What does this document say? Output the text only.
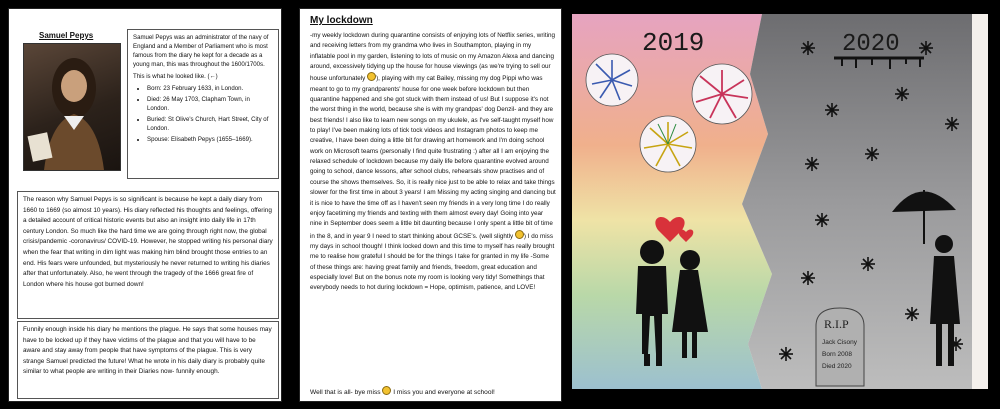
Samuel Pepys	Samuel Pepys was an administrator of the navy of England and a Member of Parliament who is most famous from the diary he kept for a decade as a young man, this was throughout the 1600/1700s.

This is what he looked like. (←)

• Born: 23 February 1633, in London.
• Died: 26 May 1703, Clapham Town, in London.
• Buried: St Olive's Church, Hart Street, City of London.
• Spouse: Elisabeth Pepys (1655–1669).
The reason why Samuel Pepys is so significant is because he kept a daily diary from 1660 to 1669 (so almost 10 years). His diary reflected his thoughts and feelings, offering a detailed account of critical historic events but also an insight into daily life in 17th century London. So much like the hard time we are going through right now, the global crisis/pandemic -coronavirus/ COVID-19. However, he stopped writing his personal diary when the fear that writing in dim light was making him blind brought those entries to an end. His fears were unfounded, but mysteriously he never returned to writing his diaries after that unfortunately. Also, he went through the tragedy of the 1666 great fire of London where his house got burned down!
Funnily enough inside his diary he mentions the plague. He says that some houses may have to be locked up if they have victims of the plague and that you will have to be aware and stay away from people that have symptoms of the plague. This is very strange Samuel predicted the future! What he wrote in his daily diary is probably quite similar to what people are writing in their Diaries now- funnily enough.
My lockdown
-my weekly lockdown during quarantine consists of enjoying lots of Netflix series, writing and receiving letters from my grandma who lives in Southampton, playing in my inflatable pool in my garden, listening to lots of music on my Amazon Alexa and dancing around, excessively tidying up the house for house viewings (as we're trying to sell our house unfortunately ), playing with my cat Bailey, missing my dog Pippi who was meant to go to my grandparents' house for one week before lockdown but then quarantine happened and she got stuck with them instead of us! But I suppose it's not the worst thing in the world, because she is with my grandpas' dog Denzil- and they are best friends! I also like to learn new songs on my ukulele, as I've self-taught myself how to play! I've been making lots of tick tock videos and Instagram photos to keep me creative, I have been doing a little bit for drawing art homework and I'm doing school work on Microsoft teams (personally I find quite frustrating :) after all I am enjoying the relaxed schedule of lockdown because my daily life before quarantine evolved around going to school, dance lessons, after school clubs, rehearsals show practises and of course the shows themselves. So, it is really nice just to be able to relax and take things slower for the first time in about 3 years! I am Missing my acting singing and dancing but it is nice to have the time off as I haven't seen my friends in a very long time I do really enjoy facetiming my friends and texting with them almost every day! Going into year nine in September does seem a little bit daunting because I only spent a little bit of time in the 8, and in year 9 I need to start thinking about GCSE's. (well slightly ) I do miss my days in school though! I think locked down and this time to myself has really brought me to realise how grateful I should be for the things I take for granted in my life -Some of these things are: having great family and friends, freedom, great education and especially love! But on the bonus note my room is looking very tidy! Somethings that everybody needs to hot during lockdown = Hope, optimism, patience, and LOVE!
Well that is all- bye miss  I miss you and everyone at school!
2019	2020
R.I.P
Jack Cisony
Born 2008
Died 2020
